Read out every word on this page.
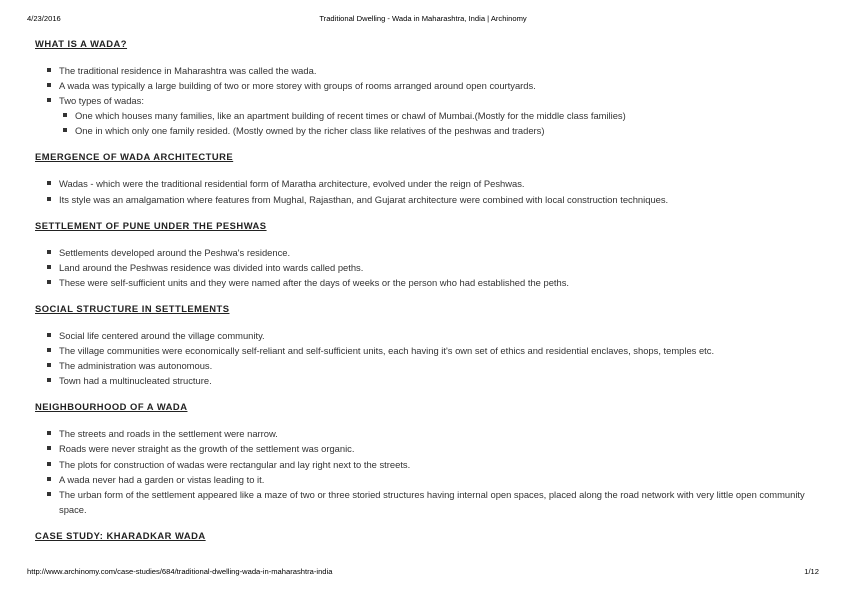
4/23/2016	Traditional Dwelling - Wada in Maharashtra, India | Archinomy
WHAT IS A WADA?
The traditional residence in Maharashtra was called the wada.
A wada was typically a large building of two or more storey with groups of rooms arranged around open courtyards.
Two types of wadas:
One which houses many families, like an apartment building of recent times or chawl of Mumbai.(Mostly for the middle class families)
One in which only one family resided. (Mostly owned by the richer class like relatives of the peshwas and traders)
EMERGENCE OF WADA ARCHITECTURE
Wadas - which were the traditional residential form of Maratha architecture, evolved under the reign of Peshwas.
Its style was an amalgamation where features from Mughal, Rajasthan, and Gujarat architecture were combined with local construction techniques.
SETTLEMENT OF PUNE UNDER THE PESHWAS
Settlements developed around the Peshwa's residence.
Land around the Peshwas residence was divided into wards called peths.
These were self-sufficient units and they were named after the days of weeks or the person who had established the peths.
SOCIAL STRUCTURE IN SETTLEMENTS
Social life centered around the village community.
The village communities were economically self-reliant and self-sufficient units, each having it's own set of ethics and residential enclaves, shops, temples etc.
The administration was autonomous.
Town had a multinucleated structure.
NEIGHBOURHOOD OF A WADA
The streets and roads in the settlement were narrow.
Roads were never straight as the growth of the settlement was organic.
The plots for construction of wadas were rectangular and lay right next to the streets.
A wada never had a garden or vistas leading to it.
The urban form of the settlement appeared like a maze of two or three storied structures having internal open spaces, placed along the road network with very little open community space.
CASE STUDY: KHARADKAR WADA
http://www.archinomy.com/case-studies/684/traditional-dwelling-wada-in-maharashtra-india	1/12
